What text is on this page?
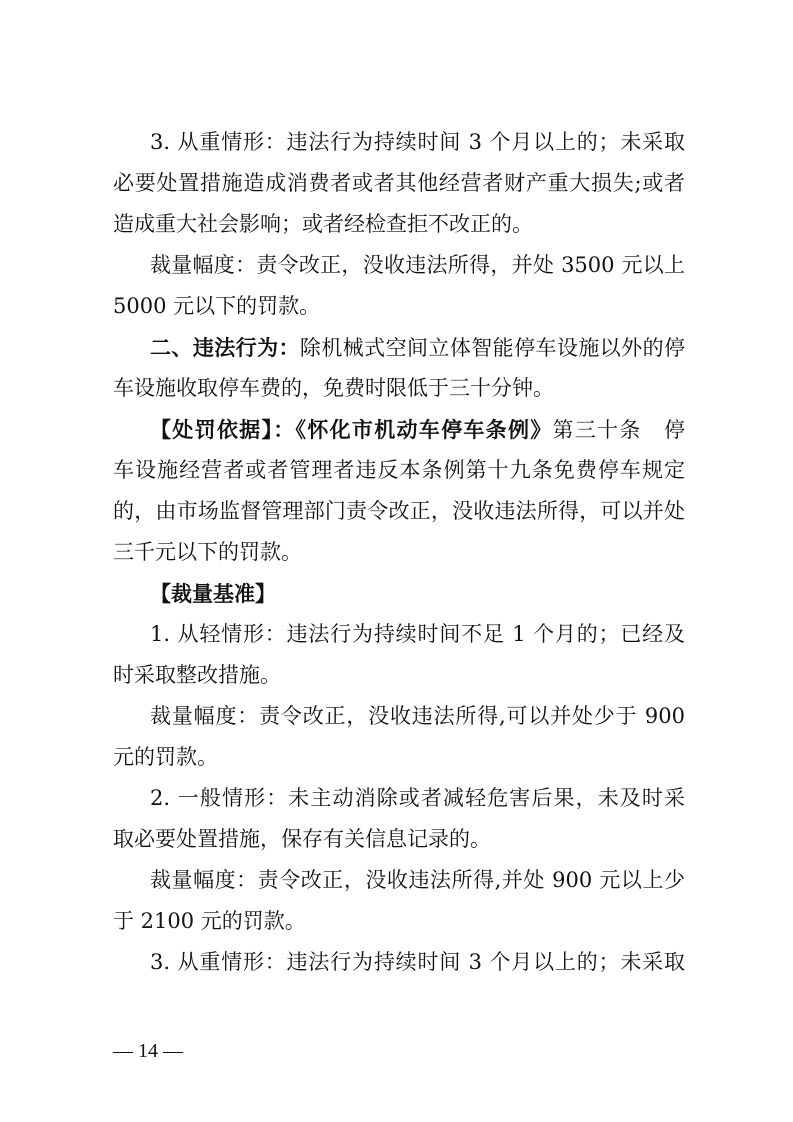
3. 从重情形：违法行为持续时间 3 个月以上的；未采取
必要处置措施造成消费者或者其他经营者财产重大损失;或者
造成重大社会影响；或者经检查拒不改正的。
裁量幅度：责令改正，没收违法所得，并处 3500 元以上
5000 元以下的罚款。
二、违法行为：除机械式空间立体智能停车设施以外的停
车设施收取停车费的，免费时限低于三十分钟。
【处罚依据】：《怀化市机动车停车条例》第三十条　停
车设施经营者或者管理者违反本条例第十九条免费停车规定
的，由市场监督管理部门责令改正，没收违法所得，可以并处
三千元以下的罚款。
【裁量基准】
1. 从轻情形：违法行为持续时间不足 1 个月的；已经及
时采取整改措施。
裁量幅度：责令改正，没收违法所得,可以并处少于 900
元的罚款。
2. 一般情形：未主动消除或者减轻危害后果，未及时采
取必要处置措施，保存有关信息记录的。
裁量幅度：责令改正，没收违法所得,并处 900 元以上少
于 2100 元的罚款。
3. 从重情形：违法行为持续时间 3 个月以上的；未采取
— 14 —
